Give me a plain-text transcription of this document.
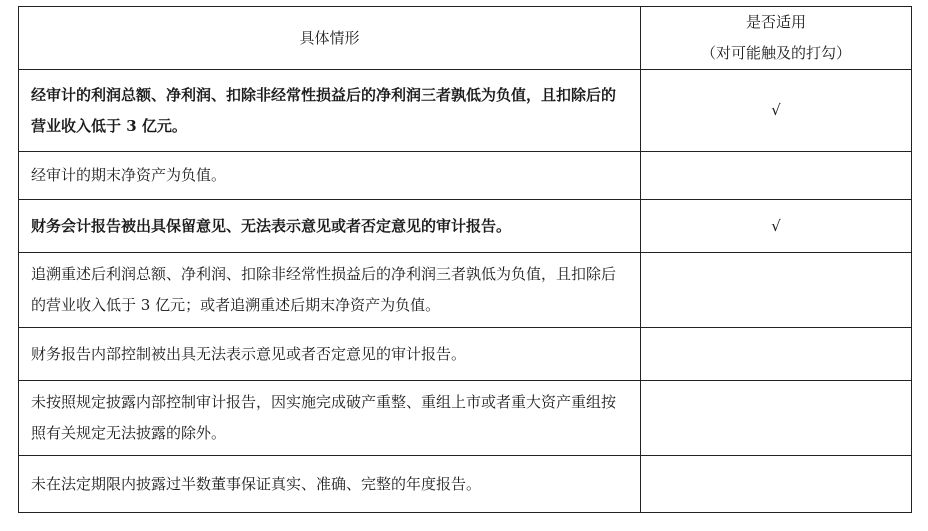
具体情形	是否适用
（对可能触及的打勾）

经审计的利润总额、净利润、扣除非经常性损益后的净利润三者孰低为负值，且扣除后的营业收入低于 3 亿元。	√
经审计的期末净资产为负值。	
财务会计报告被出具保留意见、无法表示意见或者否定意见的审计报告。	√
追溯重述后利润总额、净利润、扣除非经常性损益后的净利润三者孰低为负值，且扣除后的营业收入低于 3 亿元；或者追溯重述后期末净资产为负值。	
财务报告内部控制被出具无法表示意见或者否定意见的审计报告。	
未按照规定披露内部控制审计报告，因实施完成破产重整、重组上市或者重大资产重组按照有关规定无法披露的除外。	
未在法定期限内披露过半数董事保证真实、准确、完整的年度报告。	
